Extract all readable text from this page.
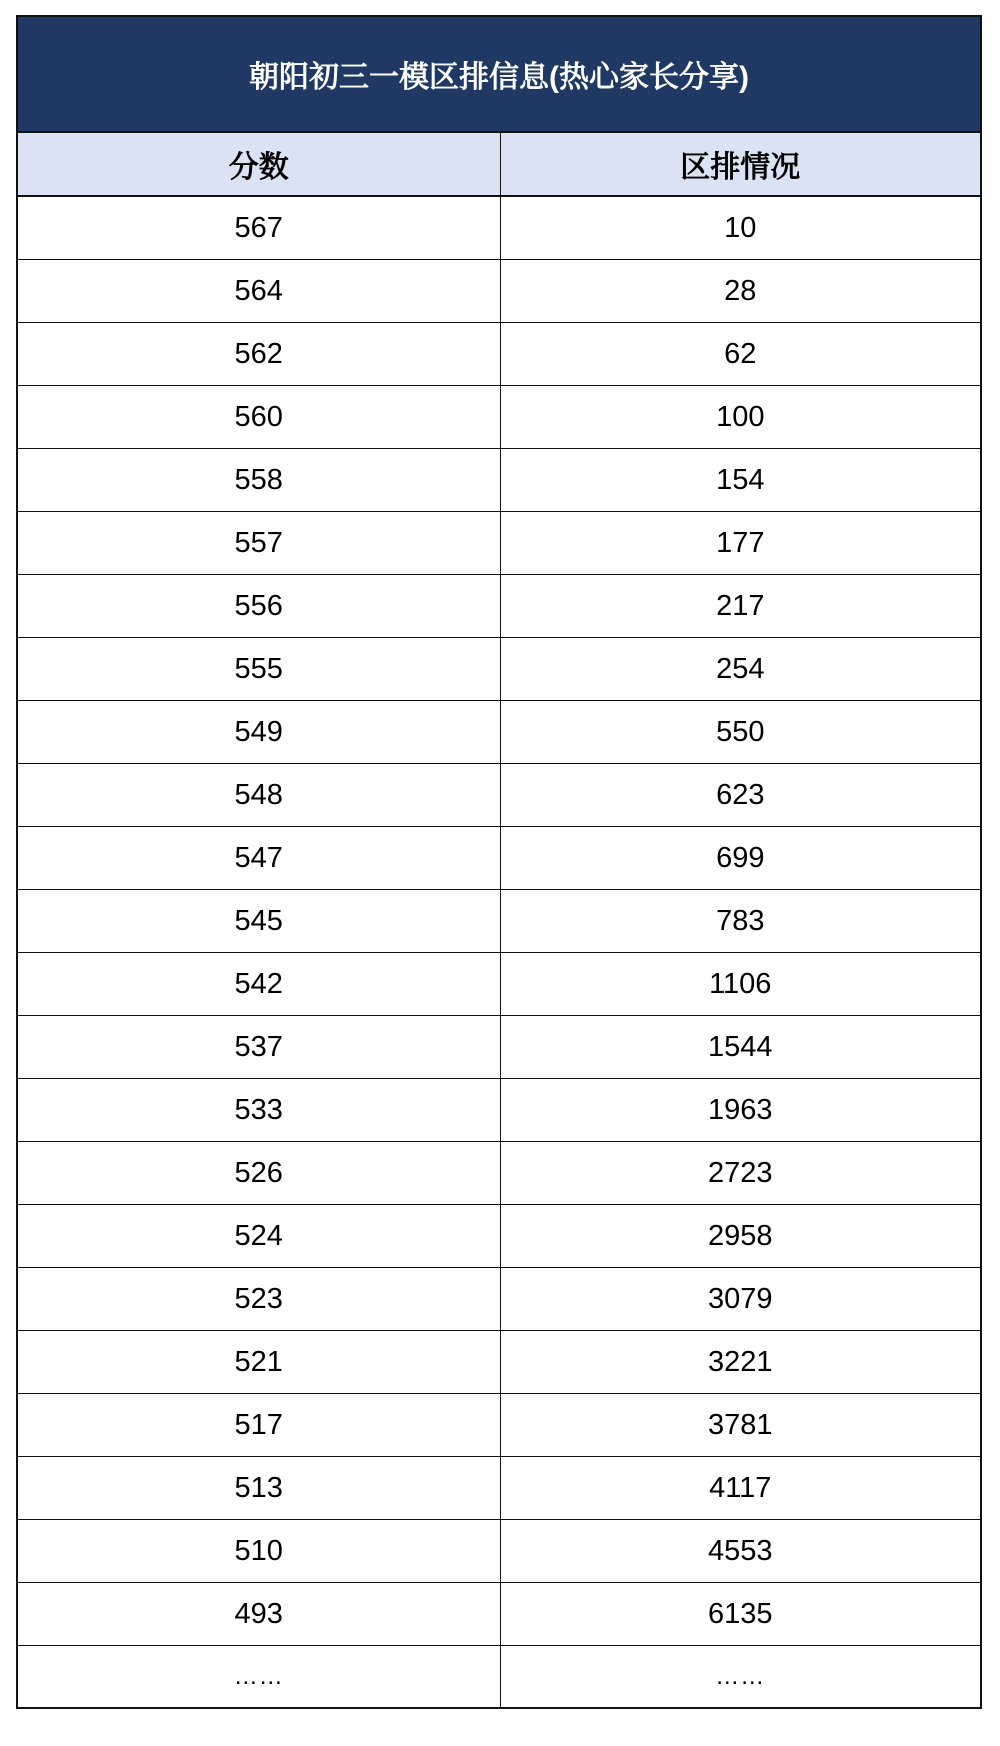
朝阳初三一模区排信息(热心家长分享)	
分数	区排情况
567	10
564	28
562	62
560	100
558	154
557	177
556	217
555	254
549	550
548	623
547	699
545	783
542	1106
537	1544
533	1963
526	2723
524	2958
523	3079
521	3221
517	3781
513	4117
510	4553
493	6135
……	……
